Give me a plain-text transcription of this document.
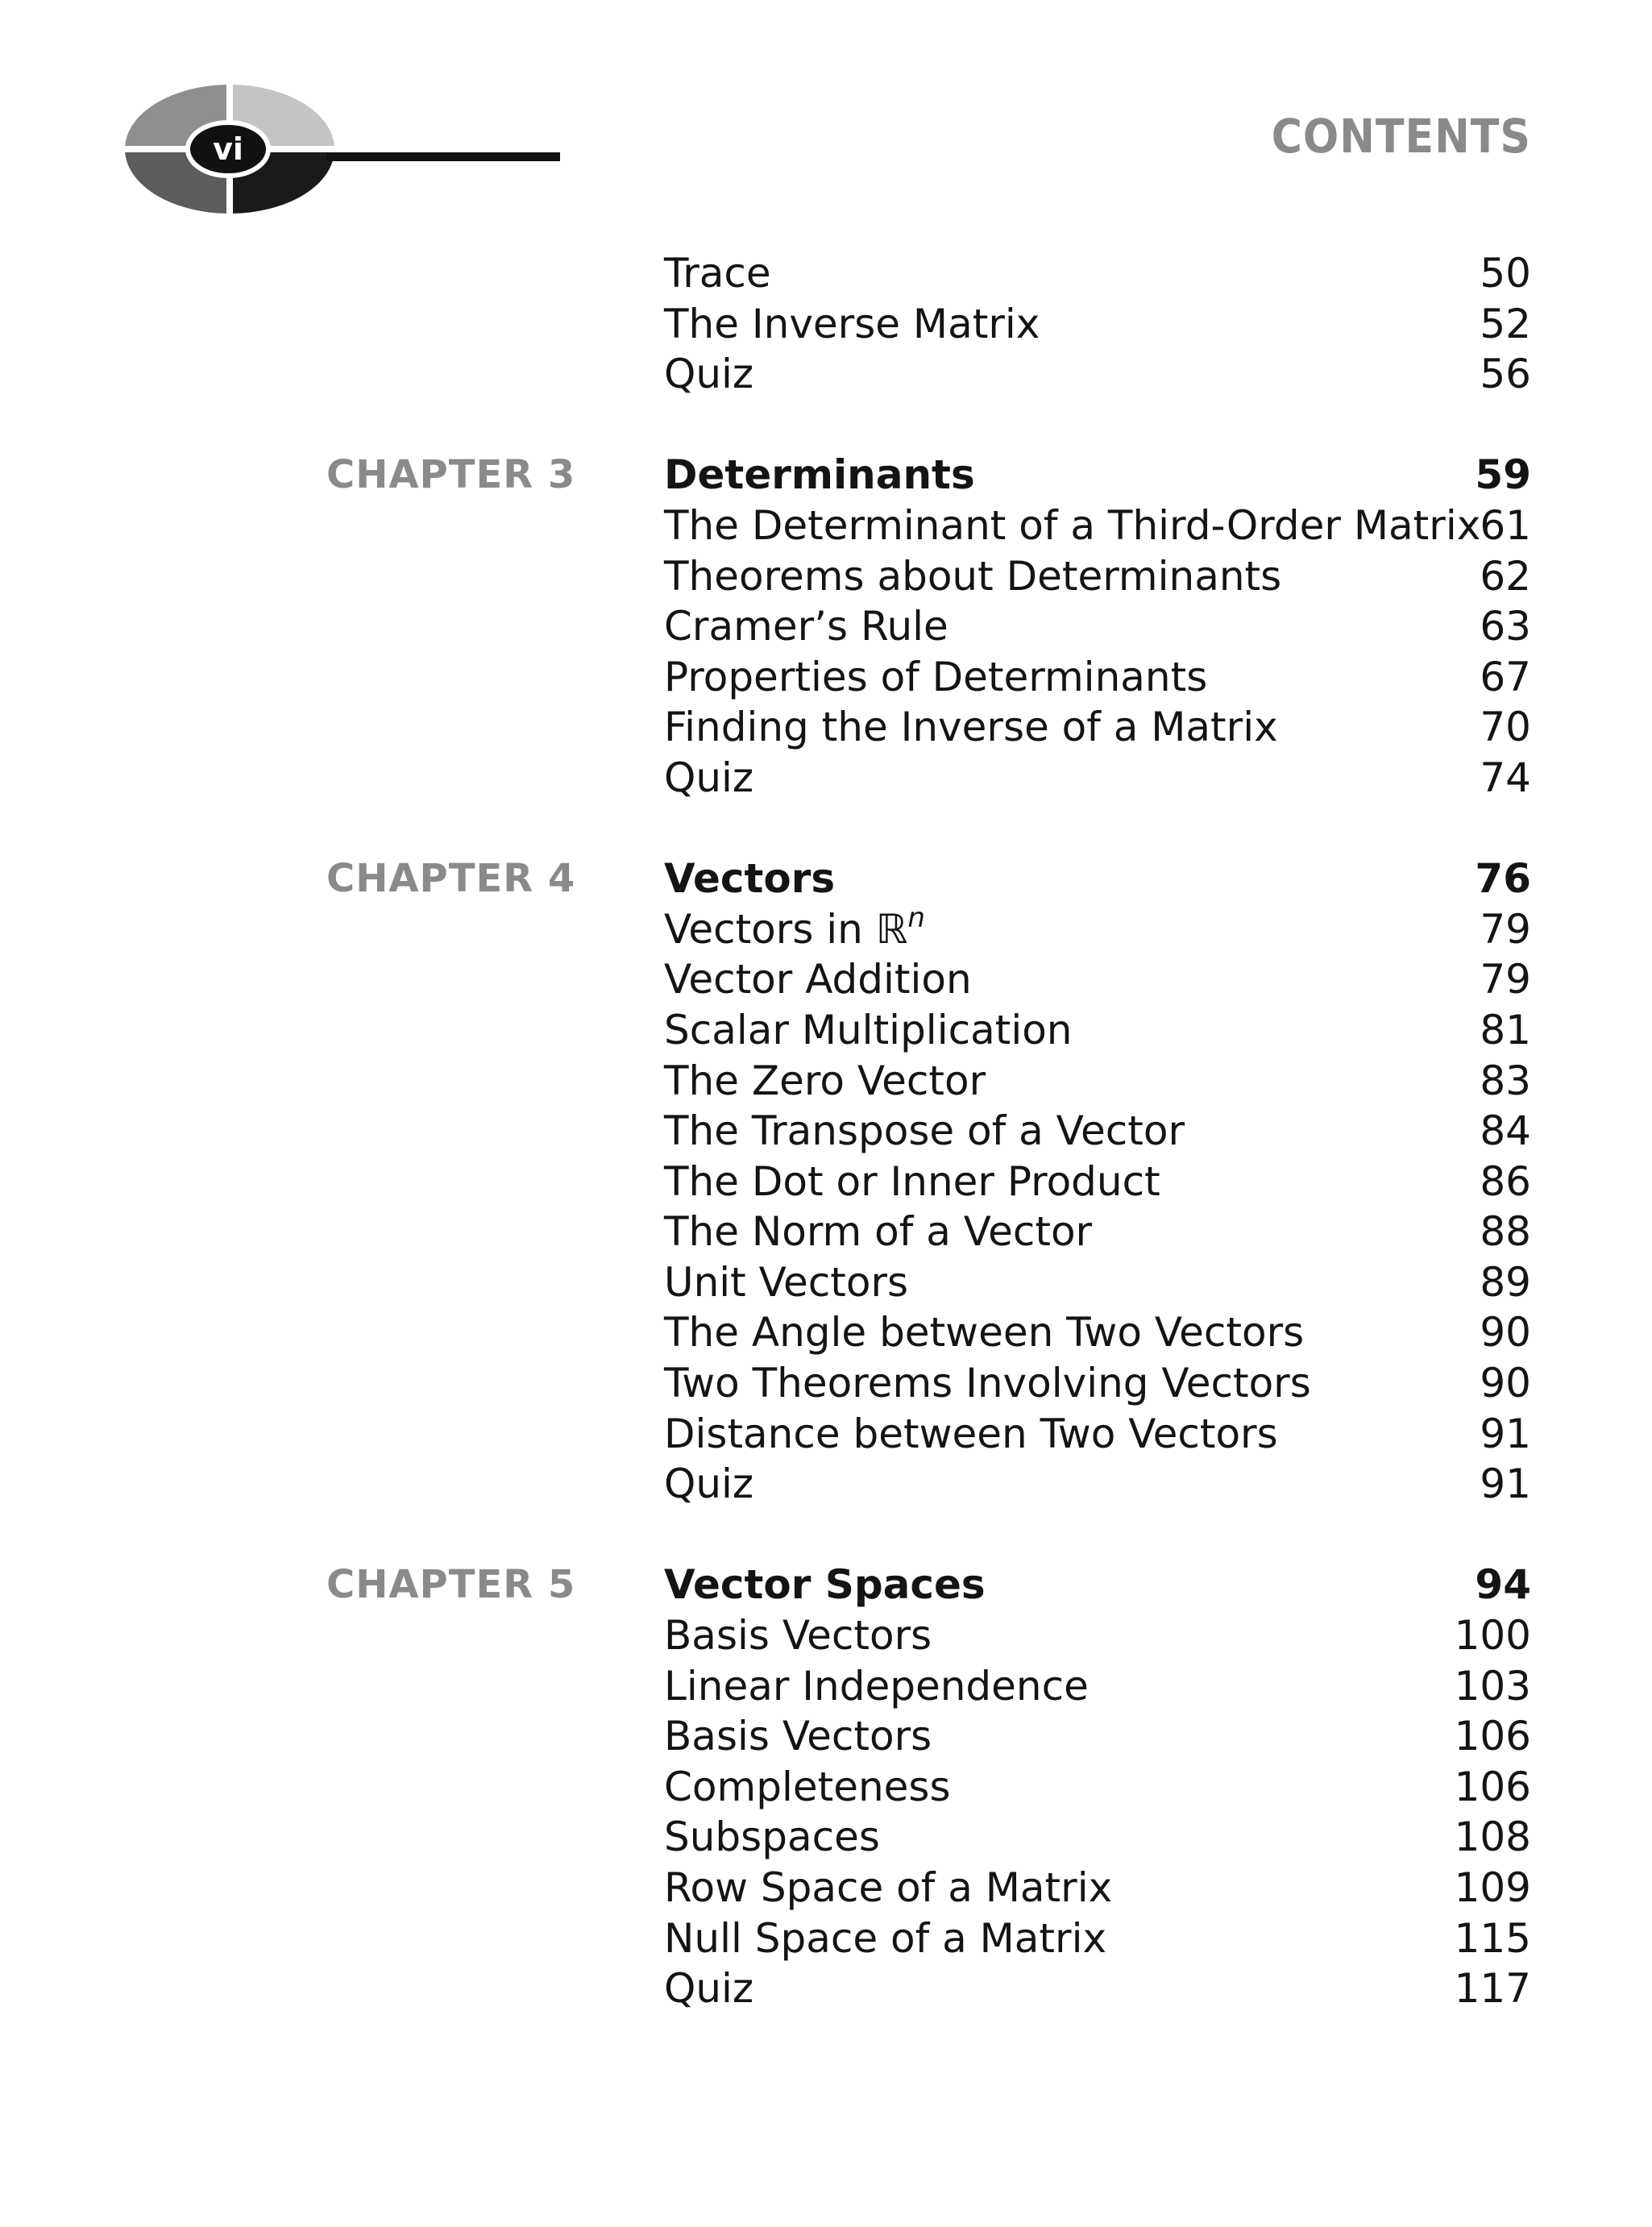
vi	CONTENTS
Trace	50
The Inverse Matrix	52
Quiz	56
CHAPTER 3 Determinants	59
The Determinant of a Third-Order Matrix 61
Theorems about Determinants	62
Cramer’s Rule	63
Properties of Determinants	67
Finding the Inverse of a Matrix	70
Quiz	74
CHAPTER 4 Vectors	76
Vectors in ℝ$^n$	79
Vector Addition	79
Scalar Multiplication	81
The Zero Vector	83
The Transpose of a Vector	84
The Dot or Inner Product	86
The Norm of a Vector	88
Unit Vectors	89
The Angle between Two Vectors	90
Two Theorems Involving Vectors	90
Distance between Two Vectors	91
Quiz	91
CHAPTER 5 Vector Spaces	94
Basis Vectors	100
Linear Independence	103
Basis Vectors	106
Completeness	106
Subspaces	108
Row Space of a Matrix	109
Null Space of a Matrix	115
Quiz	117
